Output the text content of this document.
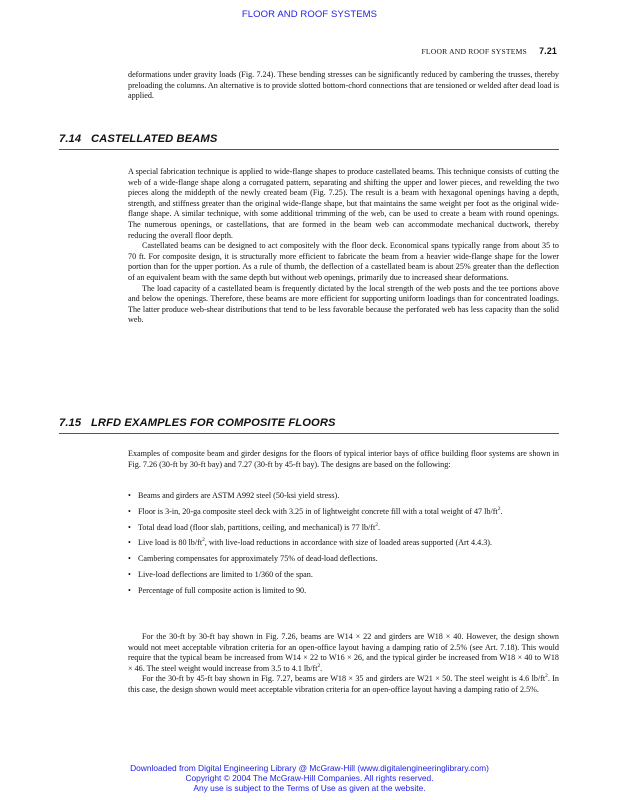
FLOOR AND ROOF SYSTEMS
FLOOR AND ROOF SYSTEMS 7.21
deformations under gravity loads (Fig. 7.24). These bending stresses can be significantly reduced by cambering the trusses, thereby preloading the columns. An alternative is to provide slotted bottom-chord connections that are tensioned or welded after dead load is applied.
7.14 CASTELLATED BEAMS
A special fabrication technique is applied to wide-flange shapes to produce castellated beams. This technique consists of cutting the web of a wide-flange shape along a corrugated pattern, separating and shifting the upper and lower pieces, and rewelding the two pieces along the middepth of the newly created beam (Fig. 7.25). The result is a beam with hexagonal openings having a depth, strength, and stiffness greater than the original wide-flange shape, but that maintains the same weight per foot as the original wide-flange shape. A similar technique, with some additional trimming of the web, can be used to create a beam with round openings. The numerous openings, or castellations, that are formed in the beam web can accommodate mechanical ductwork, thereby reducing the overall floor depth.
Castellated beams can be designed to act compositely with the floor deck. Economical spans typically range from about 35 to 70 ft. For composite design, it is structurally more efficient to fabricate the beam from a heavier wide-flange shape for the lower portion than for the upper portion. As a rule of thumb, the deflection of a castellated beam is about 25% greater than the deflection of an equivalent beam with the same depth but without web openings, primarily due to increased shear deformations.
The load capacity of a castellated beam is frequently dictated by the local strength of the web posts and the tee portions above and below the openings. Therefore, these beams are more efficient for supporting uniform loadings than for concentrated loadings. The latter produce web-shear distributions that tend to be less favorable because the perforated web has less capacity than the solid web.
7.15 LRFD EXAMPLES FOR COMPOSITE FLOORS
Examples of composite beam and girder designs for the floors of typical interior bays of office building floor systems are shown in Fig. 7.26 (30-ft by 30-ft bay) and 7.27 (30-ft by 45-ft bay). The designs are based on the following:
• Beams and girders are ASTM A992 steel (50-ksi yield stress).
• Floor is 3-in, 20-ga composite steel deck with 3.25 in of lightweight concrete fill with a total weight of 47 $lb/ft^2$.
• Total dead load (floor slab, partitions, ceiling, and mechanical) is 77 $lb/ft^2$.
• Live load is 80 $lb/ft^2$, with live-load reductions in accordance with size of loaded areas supported (Art 4.4.3).
• Cambering compensates for approximately 75% of dead-load deflections.
• Live-load deflections are limited to 1/360 of the span.
• Percentage of full composite action is limited to 90.
For the 30-ft by 30-ft bay shown in Fig. 7.26, beams are W14 × 22 and girders are W18 × 40. However, the design shown would not meet acceptable vibration criteria for an open-office layout having a damping ratio of 2.5% (see Art. 7.18). This would require that the typical beam be increased from W14 × 22 to W16 × 26, and the typical girder be increased from W18 × 40 to W18 × 46. The steel weight would increase from 3.5 to 4.1 $lb/ft^2$.
For the 30-ft by 45-ft bay shown in Fig. 7.27, beams are W18 × 35 and girders are W21 × 50. The steel weight is 4.6 $lb/ft^2$. In this case, the design shown would meet acceptable vibration criteria for an open-office layout having a damping ratio of 2.5%.
Downloaded from Digital Engineering Library @ McGraw-Hill (www.digitalengineeringlibrary.com)
Copyright © 2004 The McGraw-Hill Companies. All rights reserved.
Any use is subject to the Terms of Use as given at the website.
